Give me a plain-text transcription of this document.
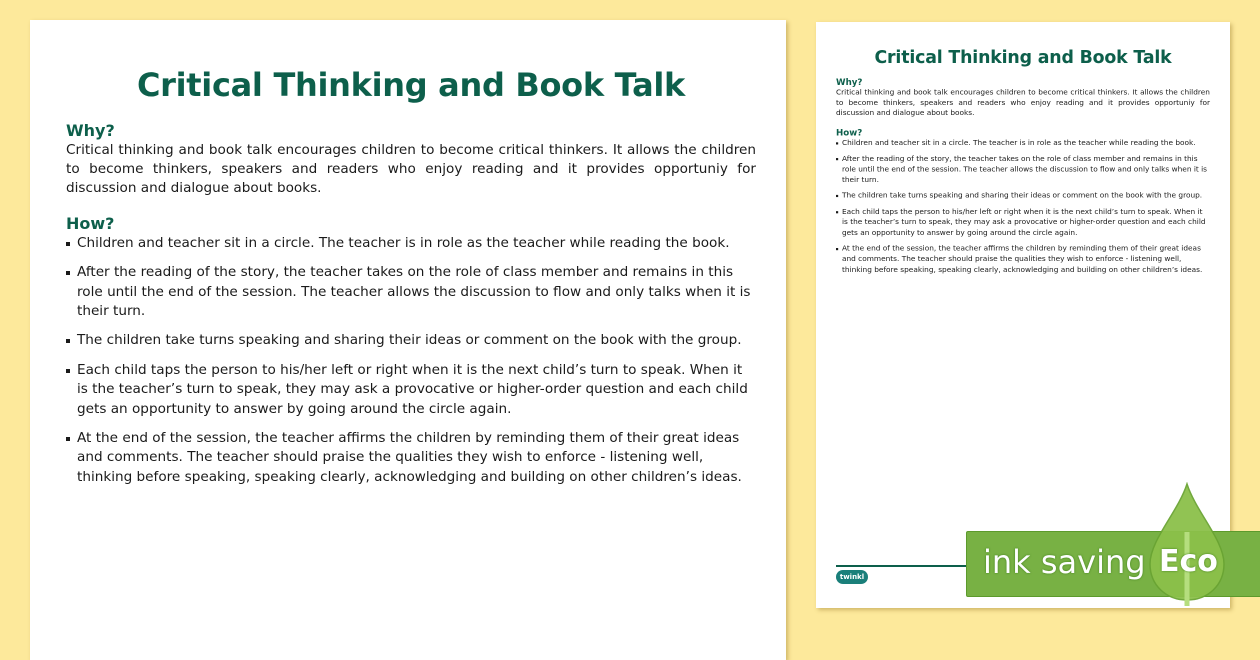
Critical Thinking and Book Talk
Why?

Critical thinking and book talk encourages children to become critical thinkers. It allows the children to become thinkers, speakers and readers who enjoy reading and it provides opportuniy for discussion and dialogue about books.

How?
Children and teacher sit in a circle. The teacher is in role as the teacher while reading the book.
After the reading of the story, the teacher takes on the role of class member and remains in this role until the end of the session. The teacher allows the discussion to flow and only talks when it is their turn.
The children take turns speaking and sharing their ideas or comment on the book with the group.
Each child taps the person to his/her left or right when it is the next child’s turn to speak. When it is the teacher’s turn to speak, they may ask a provocative or higher-order question and each child gets an opportunity to answer by going around the circle again.
At the end of the session, the teacher affirms the children by reminding them of their great ideas and comments. The teacher should praise the qualities they wish to enforce - listening well, thinking before speaking, speaking clearly, acknowledging and building on other children’s ideas.
Critical Thinking and Book Talk
Why?

Critical thinking and book talk encourages children to become critical thinkers. It allows the children to become thinkers, speakers and readers who enjoy reading and it provides opportuniy for discussion and dialogue about books.

How?
Children and teacher sit in a circle. The teacher is in role as the teacher while reading the book.
After the reading of the story, the teacher takes on the role of class member and remains in this role until the end of the session. The teacher allows the discussion to flow and only talks when it is their turn.
The children take turns speaking and sharing their ideas or comment on the book with the group.
Each child taps the person to his/her left or right when it is the next child’s turn to speak. When it is the teacher’s turn to speak, they may ask a provocative or higher-order question and each child gets an opportunity to answer by going around the circle again.
At the end of the session, the teacher affirms the children by reminding them of their great ideas and comments. The teacher should praise the qualities they wish to enforce - listening well, thinking before speaking, speaking clearly, acknowledging and building on other children’s ideas.
twinkl	ink saving Eco
